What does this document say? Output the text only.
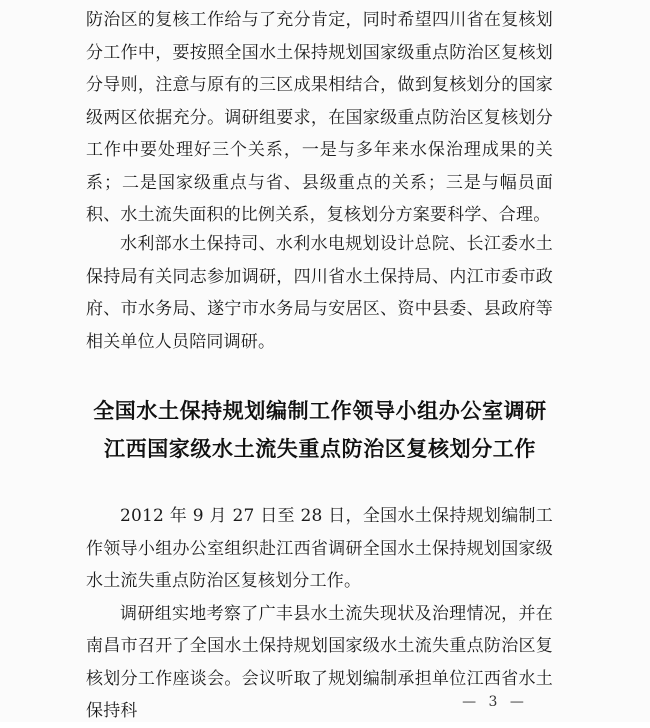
防治区的复核工作给与了充分肯定，同时希望四川省在复核划分工作中，要按照全国水土保持规划国家级重点防治区复核划分导则，注意与原有的三区成果相结合，做到复核划分的国家级两区依据充分。调研组要求，在国家级重点防治区复核划分工作中要处理好三个关系，一是与多年来水保治理成果的关系；二是国家级重点与省、县级重点的关系；三是与幅员面积、水土流失面积的比例关系，复核划分方案要科学、合理。

水利部水土保持司、水利水电规划设计总院、长江委水土保持局有关同志参加调研，四川省水土保持局、内江市委市政府、市水务局、遂宁市水务局与安居区、资中县委、县政府等相关单位人员陪同调研。

全国水土保持规划编制工作领导小组办公室调研
江西国家级水土流失重点防治区复核划分工作

2012 年 9 月 27 日至 28 日，全国水土保持规划编制工作领导小组办公室组织赴江西省调研全国水土保持规划国家级水土流失重点防治区复核划分工作。

调研组实地考察了广丰县水土流失现状及治理情况，并在南昌市召开了全国水土保持规划国家级水土流失重点防治区复核划分工作座谈会。会议听取了规划编制承担单位江西省水土保持科	— 3 —
